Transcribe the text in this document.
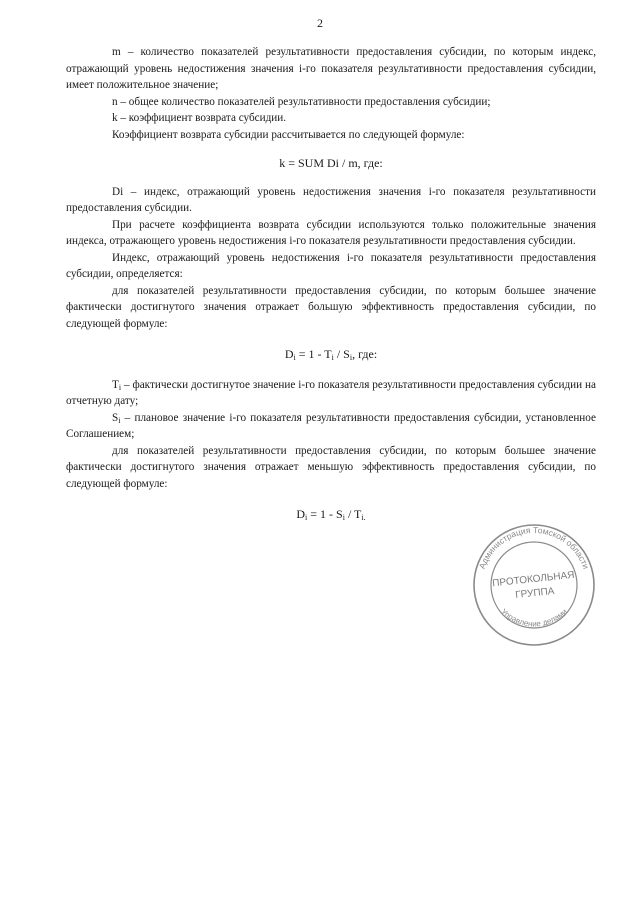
2

m – количество показателей результативности предоставления субсидии, по которым индекс, отражающий уровень недостижения значения i-го показателя результативности предоставления субсидии, имеет положительное значение;

n – общее количество показателей результативности предоставления субсидии;

k – коэффициент возврата субсидии.

Коэффициент возврата субсидии рассчитывается по следующей формуле:

k = SUM Di / m, где:

Di – индекс, отражающий уровень недостижения значения i-го показателя результативности предоставления субсидии.

При расчете коэффициента возврата субсидии используются только положительные значения индекса, отражающего уровень недостижения i-го показателя результативности предоставления субсидии.

Индекс, отражающий уровень недостижения i-го показателя результативности предоставления субсидии, определяется:

для показателей результативности предоставления субсидии, по которым большее значение фактически достигнутого значения отражает большую эффективность предоставления субсидии, по следующей формуле:

$D_i = 1 - T_i / S_i$, где:

$T_i$ – фактически достигнутое значение i-го показателя результативности предоставления субсидии на отчетную дату;

$S_i$ – плановое значение i-го показателя результативности предоставления субсидии, установленное Соглашением;

для показателей результативности предоставления субсидии, по которым большее значение фактически достигнутого значения отражает меньшую эффективность предоставления субсидии, по следующей формуле:

$D_i = 1 - S_i / T_{i.}$

Администрация Томской области
Управление делами
ПРОТОКОЛЬНАЯ
ГРУППА
